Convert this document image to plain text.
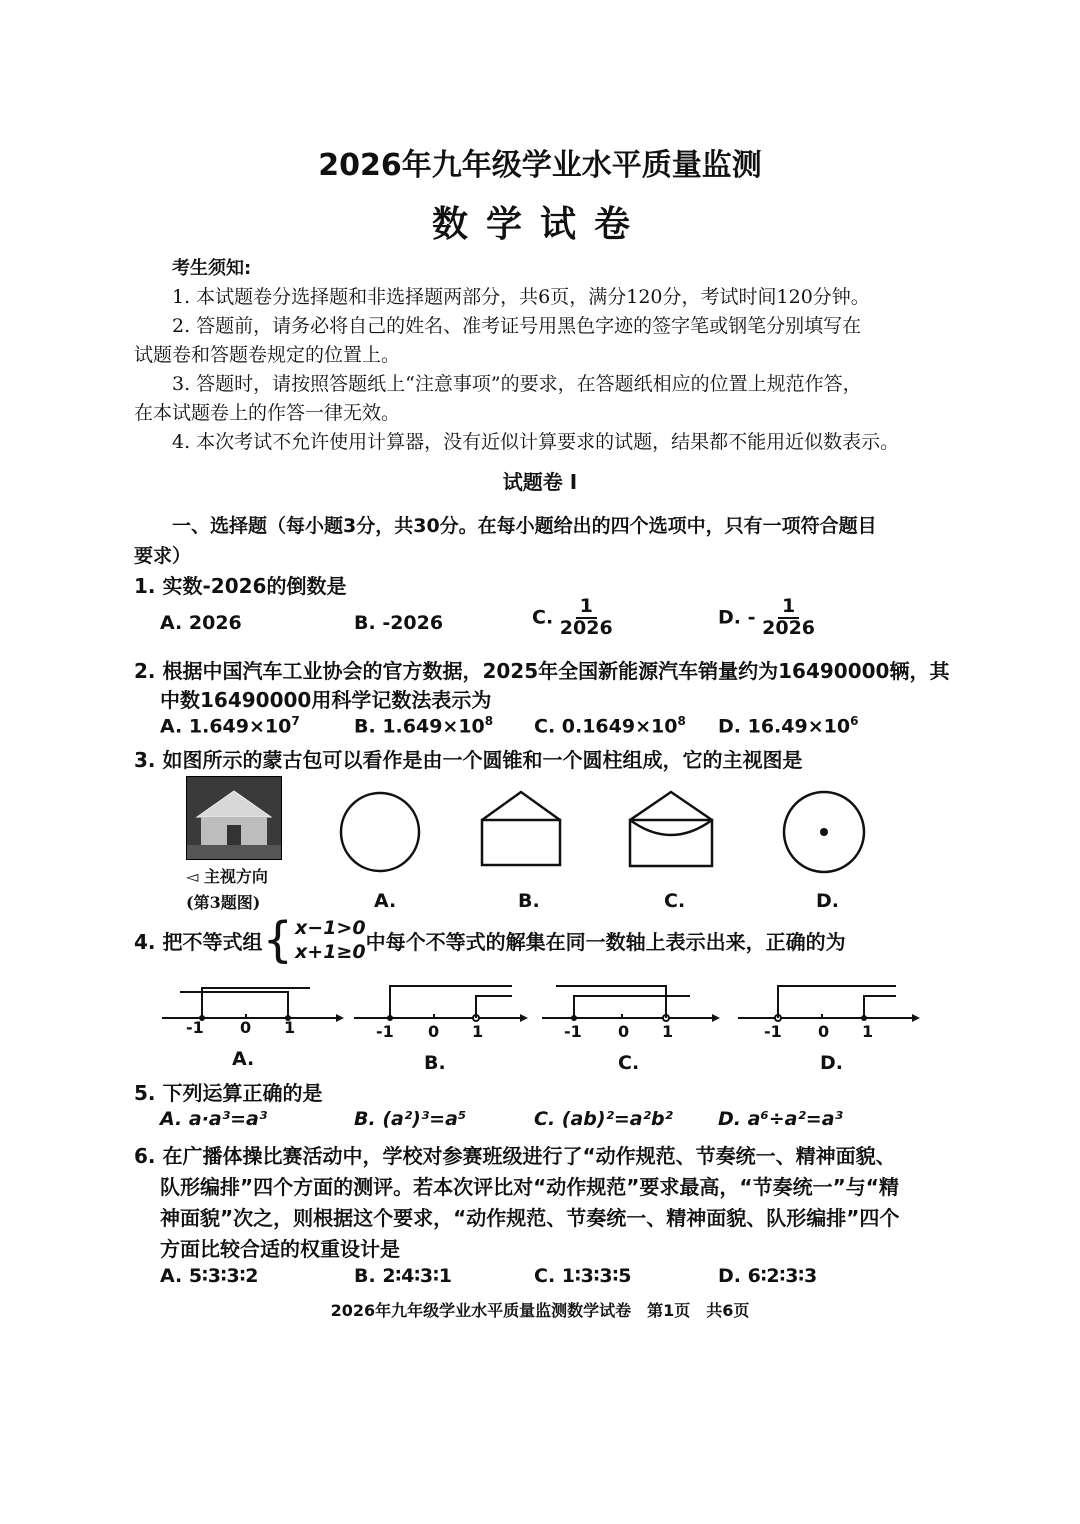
2026年九年级学业水平质量监测
数学试卷
考生须知:
1. 本试题卷分选择题和非选择题两部分，共6页，满分120分，考试时间120分钟。
2. 答题前，请务必将自己的姓名、准考证号用黑色字迹的签字笔或钢笔分别填写在
试题卷和答题卷规定的位置上。
3. 答题时，请按照答题纸上“注意事项”的要求，在答题纸相应的位置上规范作答，
在本试题卷上的作答一律无效。
4. 本次考试不允许使用计算器，没有近似计算要求的试题，结果都不能用近似数表示。
试题卷 I
一、选择题（每小题3分，共30分。在每小题给出的四个选项中，只有一项符合题目
要求）
1. 实数-2026的倒数是
A. 2026	B. -2026	C. $\frac{1}{2026}$	D. - $\frac{1}{2026}$
2. 根据中国汽车工业协会的官方数据，2025年全国新能源汽车销量约为16490000辆，其
中数16490000用科学记数法表示为
A. $1.649\times 10^7$	B. $1.649\times 10^8$ C. $0.1649\times 10^8$ D. $16.49\times 10^6$
3. 如图所示的蒙古包可以看作是由一个圆锥和一个圆柱组成，它的主视图是
◅ 主视方向
(第3题图)	A.	B.	C.	D.
4. 把不等式组 { x−1>0
x+1≥0 中每个不等式的解集在同一数轴上表示出来，正确的为
-1 0 1	-1 0 1	-1 0 1	-1 0 1
A.	B.	C.	D.
5. 下列运算正确的是
A. a·a³=a³	B. (a²)³=a⁵	C. (ab)²=a²b² D. a⁶÷a²=a³
6. 在广播体操比赛活动中，学校对参赛班级进行了“动作规范、节奏统一、精神面貌、
队形编排”四个方面的测评。若本次评比对“动作规范”要求最高，“节奏统一”与“精
神面貌”次之，则根据这个要求，“动作规范、节奏统一、精神面貌、队形编排”四个
方面比较合适的权重设计是
A. 5∶3∶3∶2	B. 2∶4∶3∶1	C. 1∶3∶3∶5	D. 6∶2∶3∶3
2026年九年级学业水平质量监测数学试卷　第1页　共6页
